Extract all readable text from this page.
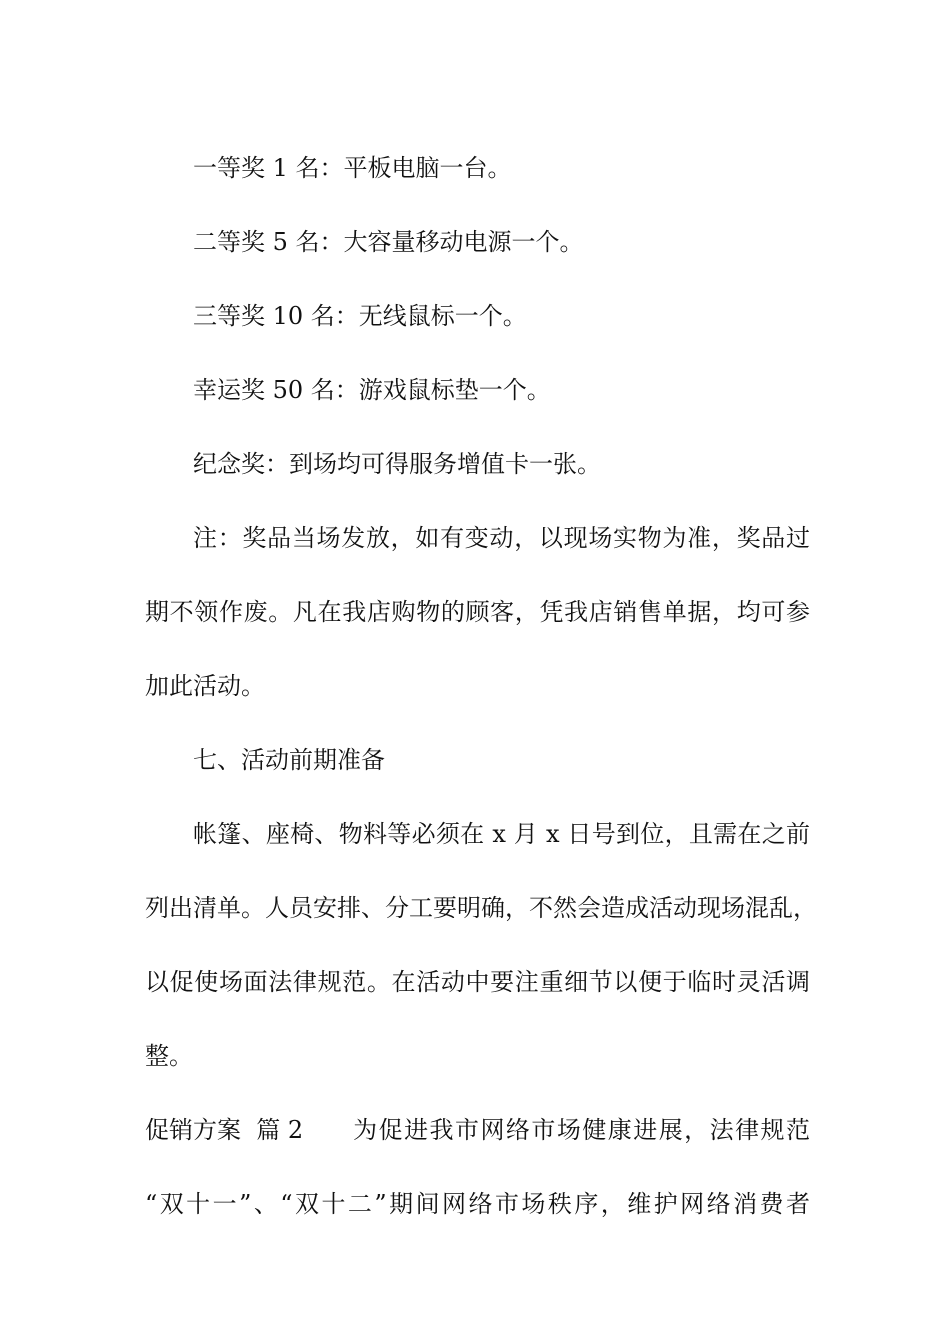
一等奖 1 名：平板电脑一台。
二等奖 5 名：大容量移动电源一个。
三等奖 10 名：无线鼠标一个。
幸运奖 50 名：游戏鼠标垫一个。
纪念奖：到场均可得服务增值卡一张。
注：奖品当场发放，如有变动，以现场实物为准，奖品过
期不领作废。凡在我店购物的顾客，凭我店销售单据，均可参
加此活动。
七、活动前期准备
帐篷、座椅、物料等必须在 x 月 x 日号到位，且需在之前
列出清单。人员安排、分工要明确，不然会造成活动现场混乱，
以促使场面法律规范。在活动中要注重细节以便于临时灵活调
整。
促销方案  篇 2 为促进我市网络市场健康进展，法律规范
“双十一”、“双十二”期间网络市场秩序，维护网络消费者
